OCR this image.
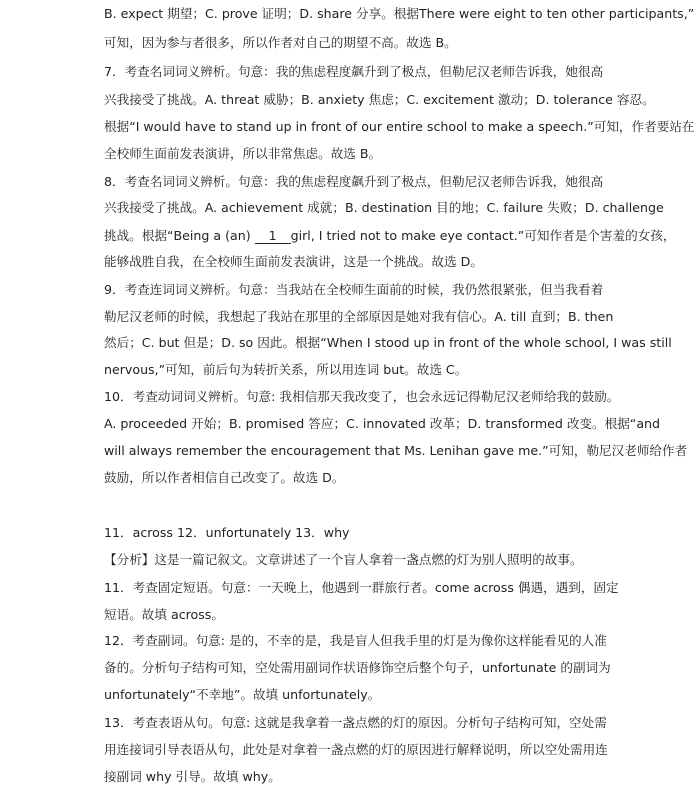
B. expect 期望；C. prove 证明；D. share 分享。根据There were eight to ten other participants,”
可知，因为参与者很多，所以作者对自己的期望不高。故选 B。
7．考查名词词义辨析。句意：我的焦虑程度飙升到了极点，但勒尼汉老师告诉我，她很高
兴我接受了挑战。A. threat 威胁；B. anxiety 焦虑；C. excitement 激动；D. tolerance 容忍。
根据“I would have to stand up in front of our entire school to make a speech.”可知，作者要站在
全校师生面前发表演讲，所以非常焦虑。故选 B。
8．考查名词词义辨析。句意：我的焦虑程度飙升到了极点，但勒尼汉老师告诉我，她很高
兴我接受了挑战。A. achievement 成就；B. destination 目的地；C. failure 失败；D. challenge
挑战。根据“Being a (an) 1 girl, I tried not to make eye contact.”可知作者是个害羞的女孩，
能够战胜自我，在全校师生面前发表演讲，这是一个挑战。故选 D。
9．考查连词词义辨析。句意：当我站在全校师生面前的时候，我仍然很紧张，但当我看着
勒尼汉老师的时候，我想起了我站在那里的全部原因是她对我有信心。A. till 直到；B. then
然后；C. but 但是；D. so 因此。根据“When I stood up in front of the whole school, I was still
nervous,”可知，前后句为转折关系，所以用连词 but。故选 C。
10．考查动词词义辨析。句意: 我相信那天我改变了，也会永远记得勒尼汉老师给我的鼓励。
A. proceeded 开始；B. promised 答应；C. innovated 改革；D. transformed 改变。根据“and
will always remember the encouragement that Ms. Lenihan gave me.”可知，勒尼汉老师给作者
鼓励，所以作者相信自己改变了。故选 D。
11．across 12．unfortunately 13．why
【分析】这是一篇记叙文。文章讲述了一个盲人拿着一盏点燃的灯为别人照明的故事。
11．考查固定短语。句意：一天晚上，他遇到一群旅行者。come across 偶遇，遇到，固定
短语。故填 across。
12．考查副词。句意: 是的，不幸的是，我是盲人但我手里的灯是为像你这样能看见的人准
备的。分析句子结构可知，空处需用副词作状语修饰空后整个句子，unfortunate 的副词为
unfortunately“不幸地”。故填 unfortunately。
13．考查表语从句。句意: 这就是我拿着一盏点燃的灯的原因。分析句子结构可知，空处需
用连接词引导表语从句，此处是对拿着一盏点燃的灯的原因进行解释说明，所以空处需用连
接副词 why 引导。故填 why。
